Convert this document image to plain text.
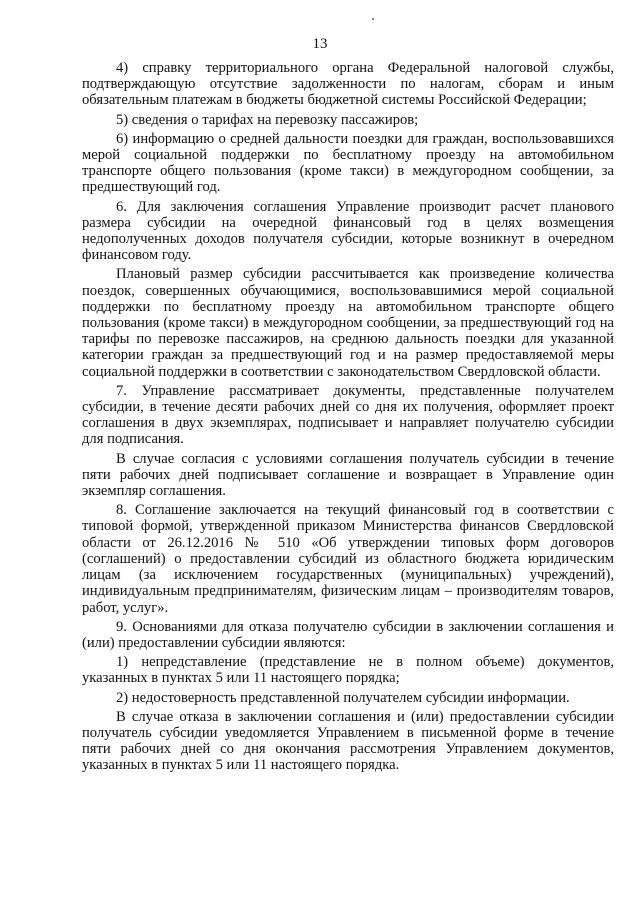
13

4) справку территориального органа Федеральной налоговой службы, подтверждающую отсутствие задолженности по налогам, сборам и иным обязательным платежам в бюджеты бюджетной системы Российской Федерации;

5) сведения о тарифах на перевозку пассажиров;

6) информацию о средней дальности поездки для граждан, воспользовавшихся мерой социальной поддержки по бесплатному проезду на автомобильном транспорте общего пользования (кроме такси) в междугородном сообщении, за предшествующий год.

6. Для заключения соглашения Управление производит расчет планового размера субсидии на очередной финансовый год в целях возмещения недополученных доходов получателя субсидии, которые возникнут в очередном финансовом году.

Плановый размер субсидии рассчитывается как произведение количества поездок, совершенных обучающимися, воспользовавшимися мерой социальной поддержки по бесплатному проезду на автомобильном транспорте общего пользования (кроме такси) в междугородном сообщении, за предшествующий год на тарифы по перевозке пассажиров, на среднюю дальность поездки для указанной категории граждан за предшествующий год и на размер предоставляемой меры социальной поддержки в соответствии с законодательством Свердловской области.

7. Управление рассматривает документы, представленные получателем субсидии, в течение десяти рабочих дней со дня их получения, оформляет проект соглашения в двух экземплярах, подписывает и направляет получателю субсидии для подписания.

В случае согласия с условиями соглашения получатель субсидии в течение пяти рабочих дней подписывает соглашение и возвращает в Управление один экземпляр соглашения.

8. Соглашение заключается на текущий финансовый год в соответствии с типовой формой, утвержденной приказом Министерства финансов Свердловской области от 26.12.2016 № 510 «Об утверждении типовых форм договоров (соглашений) о предоставлении субсидий из областного бюджета юридическим лицам (за исключением государственных (муниципальных) учреждений), индивидуальным предпринимателям, физическим лицам – производителям товаров, работ, услуг».

9. Основаниями для отказа получателю субсидии в заключении соглашения и (или) предоставлении субсидии являются:

1) непредставление (представление не в полном объеме) документов, указанных в пунктах 5 или 11 настоящего порядка;

2) недостоверность представленной получателем субсидии информации.

В случае отказа в заключении соглашения и (или) предоставлении субсидии получатель субсидии уведомляется Управлением в письменной форме в течение пяти рабочих дней со дня окончания рассмотрения Управлением документов, указанных в пунктах 5 или 11 настоящего порядка.
